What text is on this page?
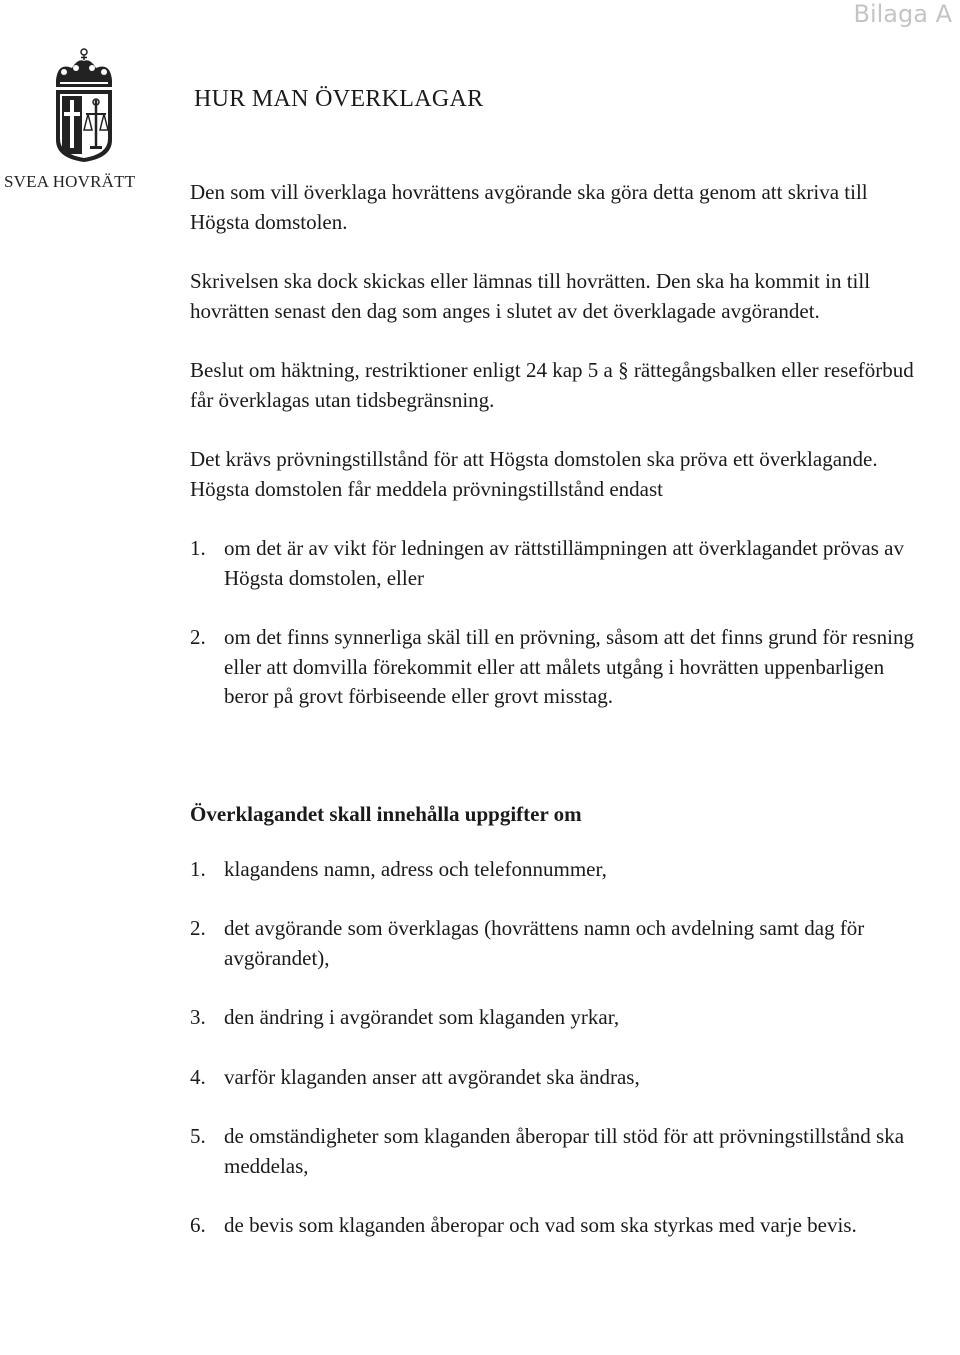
Bilaga A
SVEA HOVRÄTT
HUR MAN ÖVERKLAGAR

Den som vill överklaga hovrättens avgörande ska göra detta genom att skriva till Högsta domstolen.

Skrivelsen ska dock skickas eller lämnas till hovrätten. Den ska ha kommit in till hovrätten senast den dag som anges i slutet av det överklagade avgörandet.

Beslut om häktning, restriktioner enligt 24 kap 5 a § rättegångsbalken eller reseförbud får överklagas utan tidsbegränsning.

Det krävs prövningstillstånd för att Högsta domstolen ska pröva ett överklagande. Högsta domstolen får meddela prövningstillstånd endast

1. om det är av vikt för ledningen av rättstillämpningen att överklagandet prövas av Högsta domstolen, eller
2. om det finns synnerliga skäl till en prövning, såsom att det finns grund för resning eller att domvilla förekommit eller att målets utgång i hovrätten uppenbarligen beror på grovt förbiseende eller grovt misstag.
Överklagandet skall innehålla uppgifter om
1. klagandens namn, adress och telefonnummer,
2. det avgörande som överklagas (hovrättens namn och avdelning samt dag för avgörandet),
3. den ändring i avgörandet som klaganden yrkar,
4. varför klaganden anser att avgörandet ska ändras,
5. de omständigheter som klaganden åberopar till stöd för att prövningstillstånd ska meddelas,
6. de bevis som klaganden åberopar och vad som ska styrkas med varje bevis.
